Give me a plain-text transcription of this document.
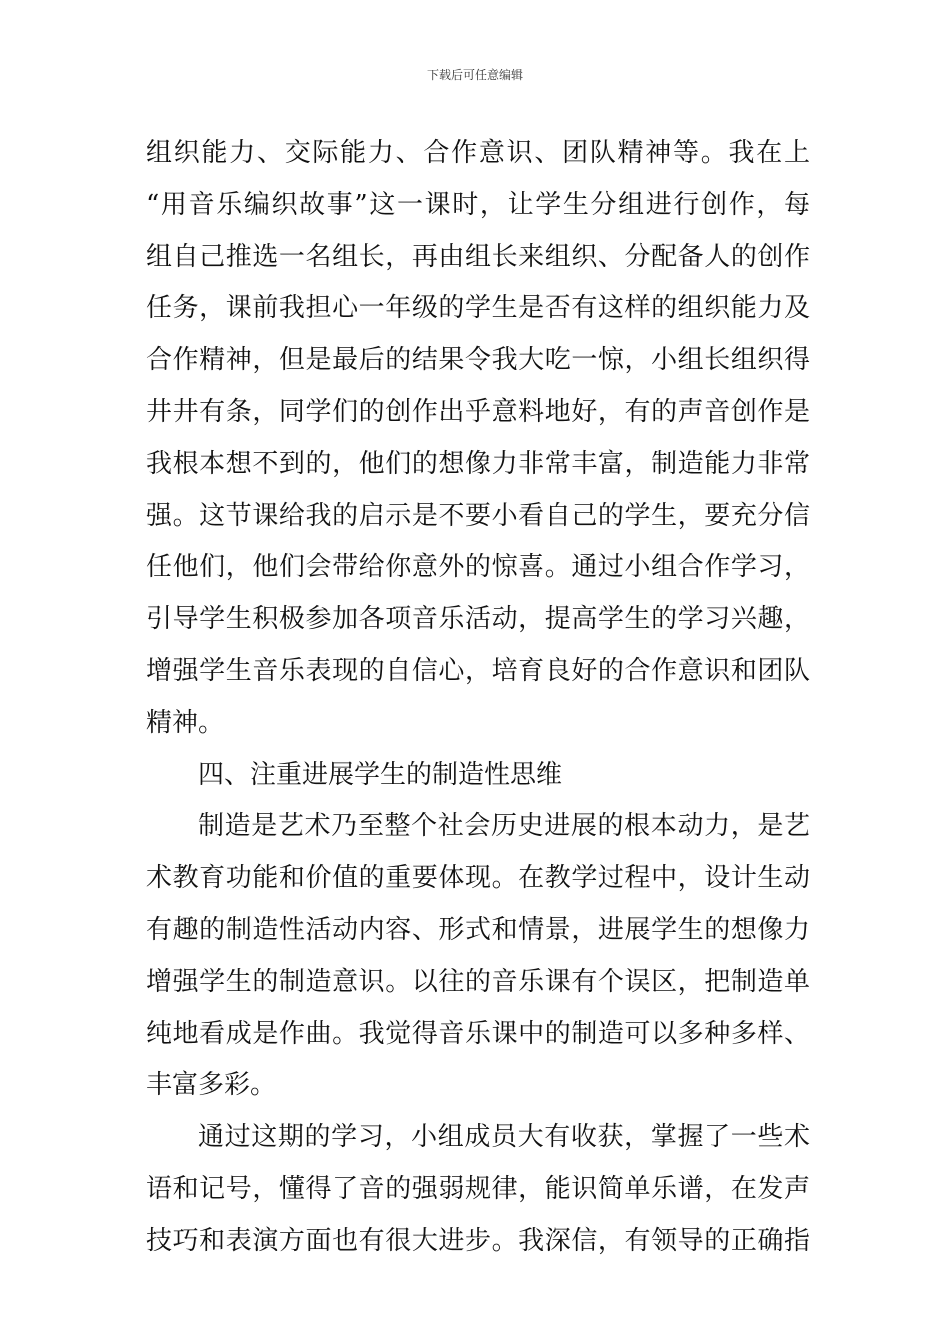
下载后可任意编辑
组织能力、交际能力、合作意识、团队精神等。我在上
“用音乐编织故事”这一课时，让学生分组进行创作，每
组自己推选一名组长，再由组长来组织、分配备人的创作
任务，课前我担心一年级的学生是否有这样的组织能力及
合作精神，但是最后的结果令我大吃一惊，小组长组织得
井井有条，同学们的创作出乎意料地好，有的声音创作是
我根本想不到的，他们的想像力非常丰富，制造能力非常
强。这节课给我的启示是不要小看自己的学生，要充分信
任他们，他们会带给你意外的惊喜。通过小组合作学习，
引导学生积极参加各项音乐活动，提高学生的学习兴趣，
增强学生音乐表现的自信心，培育良好的合作意识和团队
精神。
四、注重进展学生的制造性思维
制造是艺术乃至整个社会历史进展的根本动力，是艺
术教育功能和价值的重要体现。在教学过程中，设计生动
有趣的制造性活动内容、形式和情景，进展学生的想像力
增强学生的制造意识。以往的音乐课有个误区，把制造单
纯地看成是作曲。我觉得音乐课中的制造可以多种多样、
丰富多彩。
通过这期的学习，小组成员大有收获，掌握了一些术
语和记号，懂得了音的强弱规律，能识简单乐谱，在发声
技巧和表演方面也有很大进步。我深信，有领导的正确指
